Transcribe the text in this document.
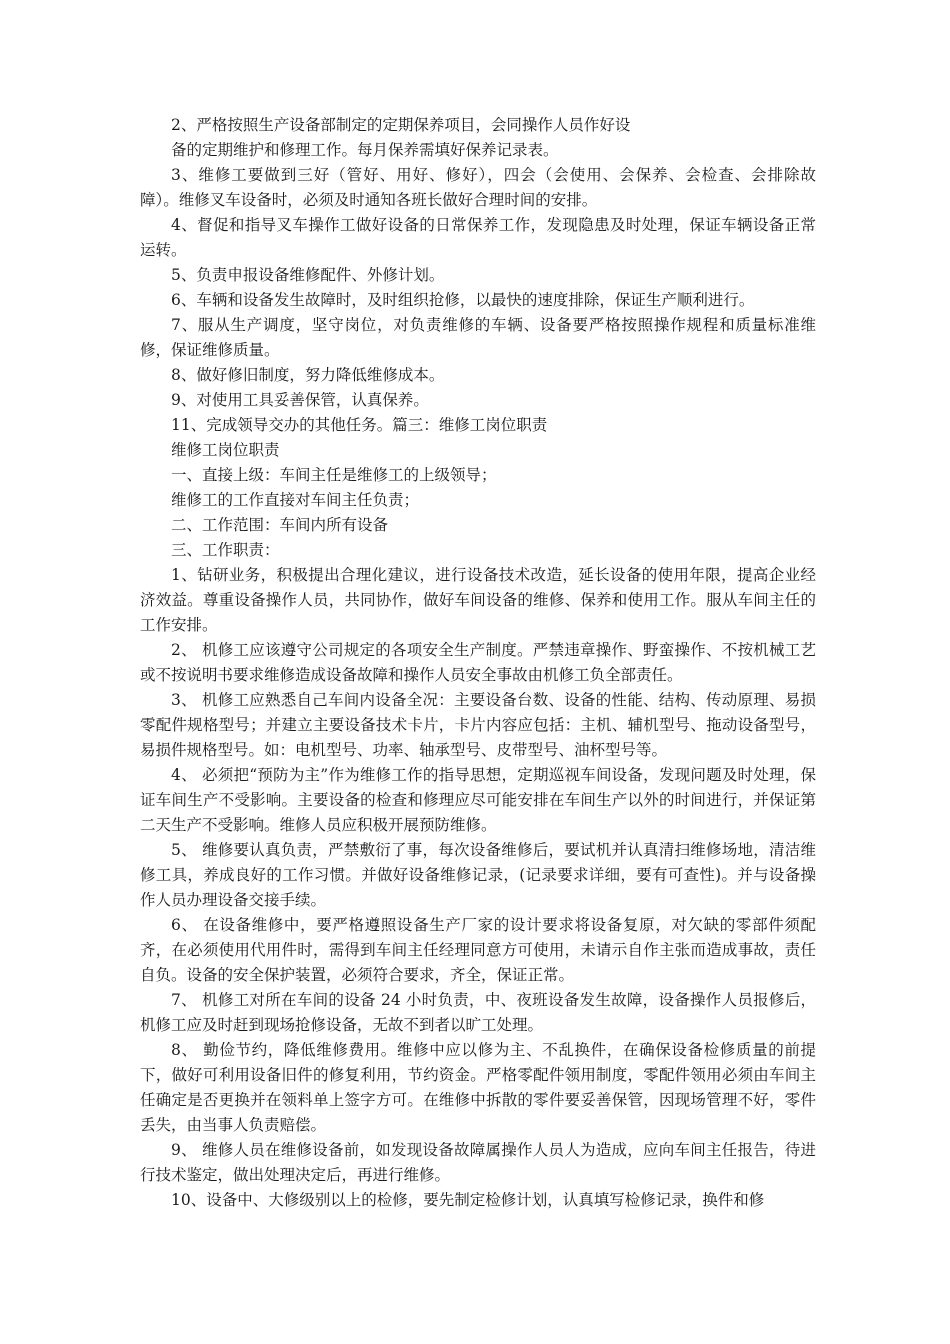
2、严格按照生产设备部制定的定期保养项目，会同操作人员作好设

备的定期维护和修理工作。每月保养需填好保养记录表。

3、维修工要做到三好（管好、用好、修好），四会（会使用、会保养、会检查、会排除故障）。维修叉车设备时，必须及时通知各班长做好合理时间的安排。

4、督促和指导叉车操作工做好设备的日常保养工作，发现隐患及时处理，保证车辆设备正常运转。

5、负责申报设备维修配件、外修计划。

6、车辆和设备发生故障时，及时组织抢修，以最快的速度排除，保证生产顺利进行。

7、服从生产调度，坚守岗位，对负责维修的车辆、设备要严格按照操作规程和质量标准维修，保证维修质量。

8、做好修旧制度，努力降低维修成本。

9、对使用工具妥善保管，认真保养。

11、完成领导交办的其他任务。篇三：维修工岗位职责

维修工岗位职责

一、直接上级：车间主任是维修工的上级领导；

维修工的工作直接对车间主任负责；

二、工作范围：车间内所有设备

三、工作职责：

1、钻研业务，积极提出合理化建议，进行设备技术改造，延长设备的使用年限，提高企业经济效益。尊重设备操作人员，共同协作，做好车间设备的维修、保养和使用工作。服从车间主任的工作安排。

2、 机修工应该遵守公司规定的各项安全生产制度。严禁违章操作、野蛮操作、不按机械工艺或不按说明书要求维修造成设备故障和操作人员安全事故由机修工负全部责任。

3、 机修工应熟悉自己车间内设备全况：主要设备台数、设备的性能、结构、传动原理、易损零配件规格型号；并建立主要设备技术卡片，卡片内容应包括：主机、辅机型号、拖动设备型号，易损件规格型号。如：电机型号、功率、轴承型号、皮带型号、油杯型号等。

4、 必须把“预防为主”作为维修工作的指导思想，定期巡视车间设备，发现问题及时处理，保证车间生产不受影响。主要设备的检查和修理应尽可能安排在车间生产以外的时间进行，并保证第二天生产不受影响。维修人员应积极开展预防维修。

5、 维修要认真负责，严禁敷衍了事，每次设备维修后，要试机并认真清扫维修场地，清洁维修工具，养成良好的工作习惯。并做好设备维修记录，(记录要求详细，要有可查性)。并与设备操作人员办理设备交接手续。

6、 在设备维修中，要严格遵照设备生产厂家的设计要求将设备复原，对欠缺的零部件须配齐，在必须使用代用件时，需得到车间主任经理同意方可使用，未请示自作主张而造成事故，责任自负。设备的安全保护装置，必须符合要求，齐全，保证正常。

7、 机修工对所在车间的设备 24 小时负责，中、夜班设备发生故障，设备操作人员报修后，机修工应及时赶到现场抢修设备，无故不到者以旷工处理。

8、 勤俭节约，降低维修费用。维修中应以修为主、不乱换件，在确保设备检修质量的前提下，做好可利用设备旧件的修复利用，节约资金。严格零配件领用制度，零配件领用必须由车间主任确定是否更换并在领料单上签字方可。在维修中拆散的零件要妥善保管，因现场管理不好，零件丢失，由当事人负责赔偿。

9、 维修人员在维修设备前，如发现设备故障属操作人员人为造成，应向车间主任报告，待进行技术鉴定，做出处理决定后，再进行维修。

10、设备中、大修级别以上的检修，要先制定检修计划，认真填写检修记录，换件和修
